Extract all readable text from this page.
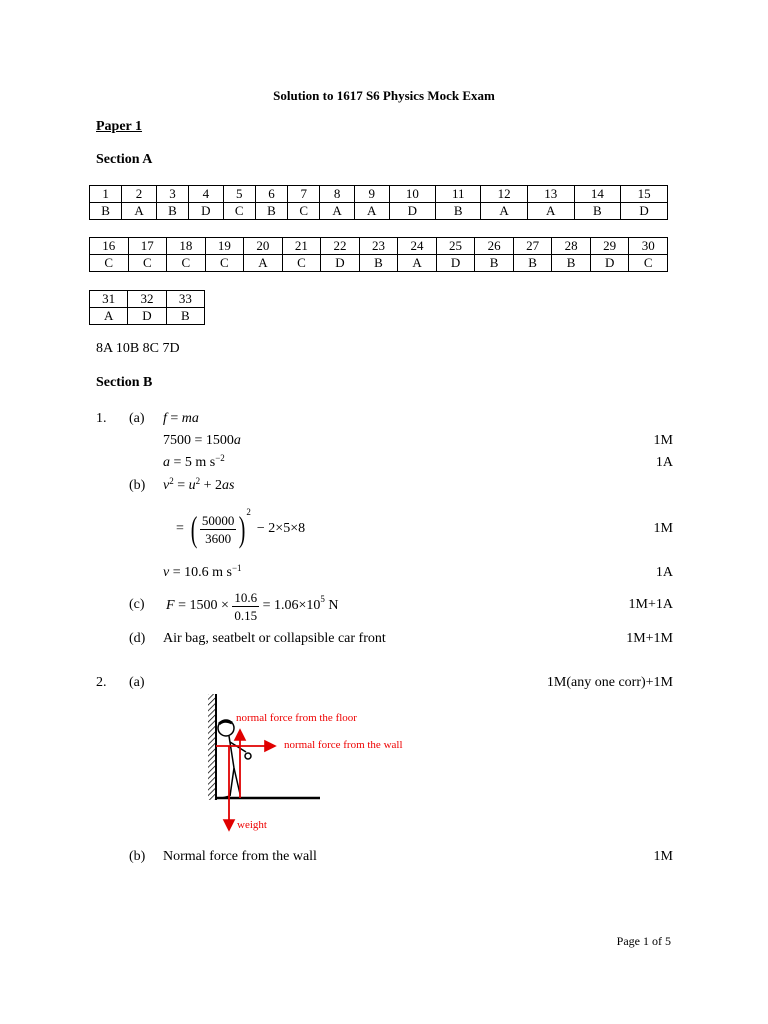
Solution to 1617 S6 Physics Mock Exam
Paper 1
Section A
1	2	3	4	5	6	7	8	9	10	11	12	13	14	15
B	A	B	D	C	B	C	A	A	D	B	A	A	B	D
16	17	18	19	20	21	22	23	24	25	26	27	28	29	30
C	C	C	C	A	C	D	B	A	D	B	B	B	D	C
31	32	33
A	D	B
8A 10B 8C 7D
Section B
1. (a) f = ma
7500 = 1500a	1M
a = 5 m $s^{-2}$	1A
(b) $v^2 = u^2 + 2as$
= ( $\frac{50000}{3600}$ ) 2
− 2×5×8	1M
v = 10.6 m $s^{-1}$	1A
(c) $F = 1500 \times \frac{10.6}{0.15} = 1.06\times 10$ 5 N	1M+1A
(d) Air bag, seatbelt or collapsible car front	1M+1M
2. (a)	1M(any one corr)+1M
normal force from the floor
normal force from the wall
weight
(b) Normal force from the wall	1M
Page 1 of 5
